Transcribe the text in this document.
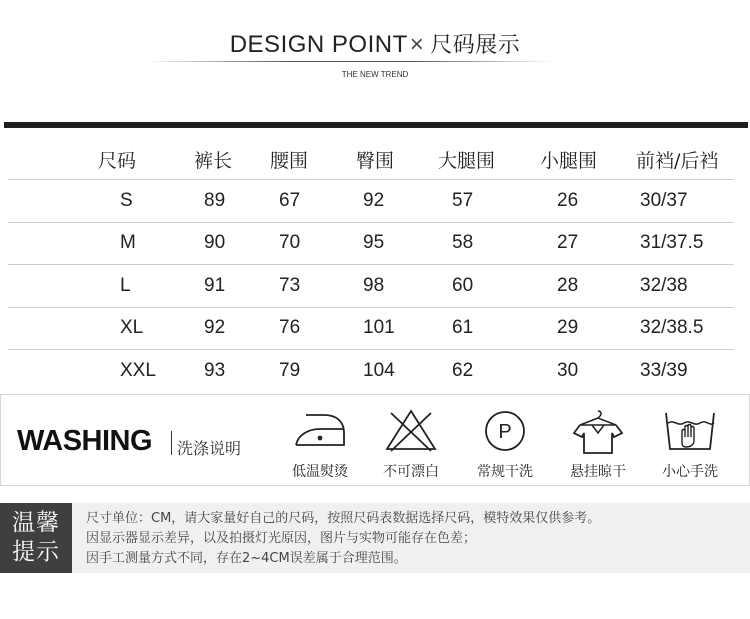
DESIGN POINT× 尺码展示
THE NEW TREND
尺码	裤长 腰围	臀围 大腿围 小腿围 前裆/后裆
S	89	67	92	57	26	30/37
M	90	70	95	58	27	31/37.5
L	91	73	98	60	28	32/38
XL	92	76	101	61	29	32/38.5
XXL	93	79	104	62	30	33/39
WASHING 洗涤说明
低温熨烫	不可漂白
P
常规干洗	悬挂晾干	小心手洗
温馨
提示
尺寸单位：CM，请大家量好自己的尺码，按照尺码表数据选择尺码，模特效果仅供参考。
因显示器显示差异，以及拍摄灯光原因，图片与实物可能存在色差；
因手工测量方式不同，存在2~4CM误差属于合理范围。
